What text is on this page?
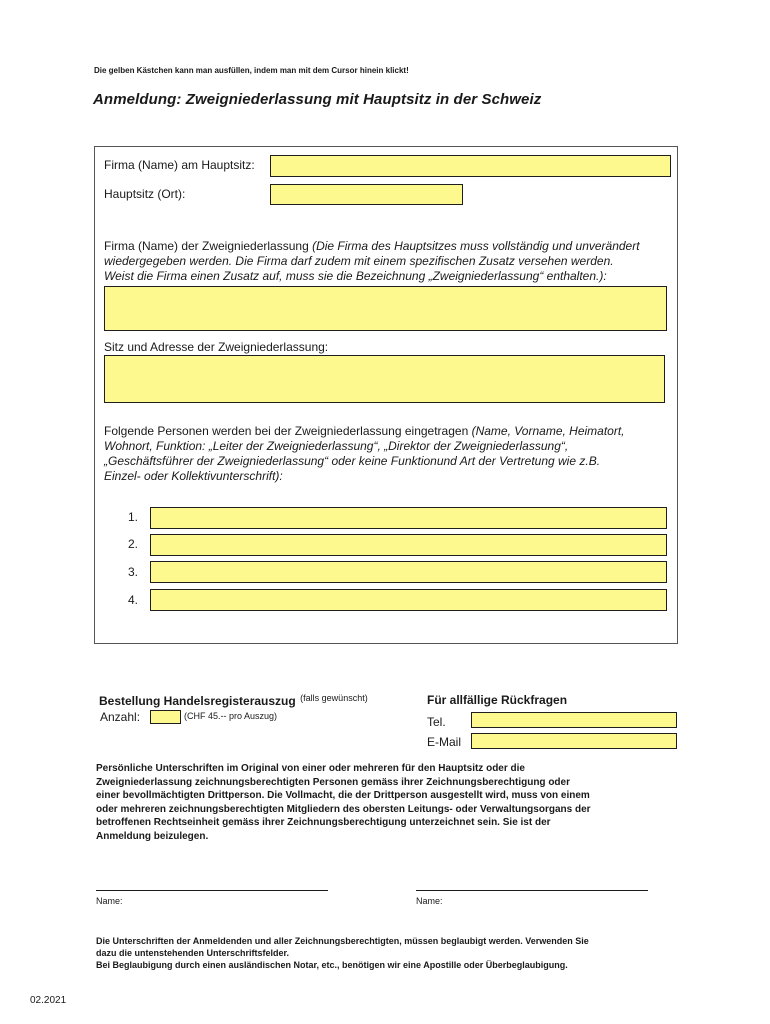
Die gelben Kästchen kann man ausfüllen, indem man mit dem Cursor hinein klickt!
Anmeldung: Zweigniederlassung mit Hauptsitz in der Schweiz
Firma (Name) am Hauptsitz:
Hauptsitz (Ort):
Firma (Name) der Zweigniederlassung (Die Firma des Hauptsitzes muss vollständig und unverändert
wiedergegeben werden. Die Firma darf zudem mit einem spezifischen Zusatz versehen werden.
Weist die Firma einen Zusatz auf, muss sie die Bezeichnung „Zweigniederlassung“ enthalten.):
Sitz und Adresse der Zweigniederlassung:
Folgende Personen werden bei der Zweigniederlassung eingetragen (Name, Vorname, Heimatort,
Wohnort, Funktion: „Leiter der Zweigniederlassung“, „Direktor der Zweigniederlassung“,
„Geschäftsführer der Zweigniederlassung“ oder keine Funktionund Art der Vertretung wie z.B.
Einzel- oder Kollektivunterschrift):
1.
2.
3.
4.
Bestellung Handelsregisterauszug $^{(falls gewünscht)}$
Anzahl:	(CHF 45.-- pro Auszug)
Für allfällige Rückfragen
Tel.
E-Mail
Persönliche Unterschriften im Original von einer oder mehreren für den Hauptsitz oder die
Zweigniederlassung zeichnungsberechtigten Personen gemäss ihrer Zeichnungsberechtigung oder
einer bevollmächtigten Drittperson. Die Vollmacht, die der Drittperson ausgestellt wird, muss von einem
oder mehreren zeichnungsberechtigten Mitgliedern des obersten Leitungs- oder Verwaltungsorgans der
betroffenen Rechtseinheit gemäss ihrer Zeichnungsberechtigung unterzeichnet sein. Sie ist der
Anmeldung beizulegen.
Name:	Name:
Die Unterschriften der Anmeldenden und aller Zeichnungsberechtigten, müssen beglaubigt werden. Verwenden Sie
dazu die untenstehenden Unterschriftsfelder.
Bei Beglaubigung durch einen ausländischen Notar, etc., benötigen wir eine Apostille oder Überbeglaubigung.
02.2021
